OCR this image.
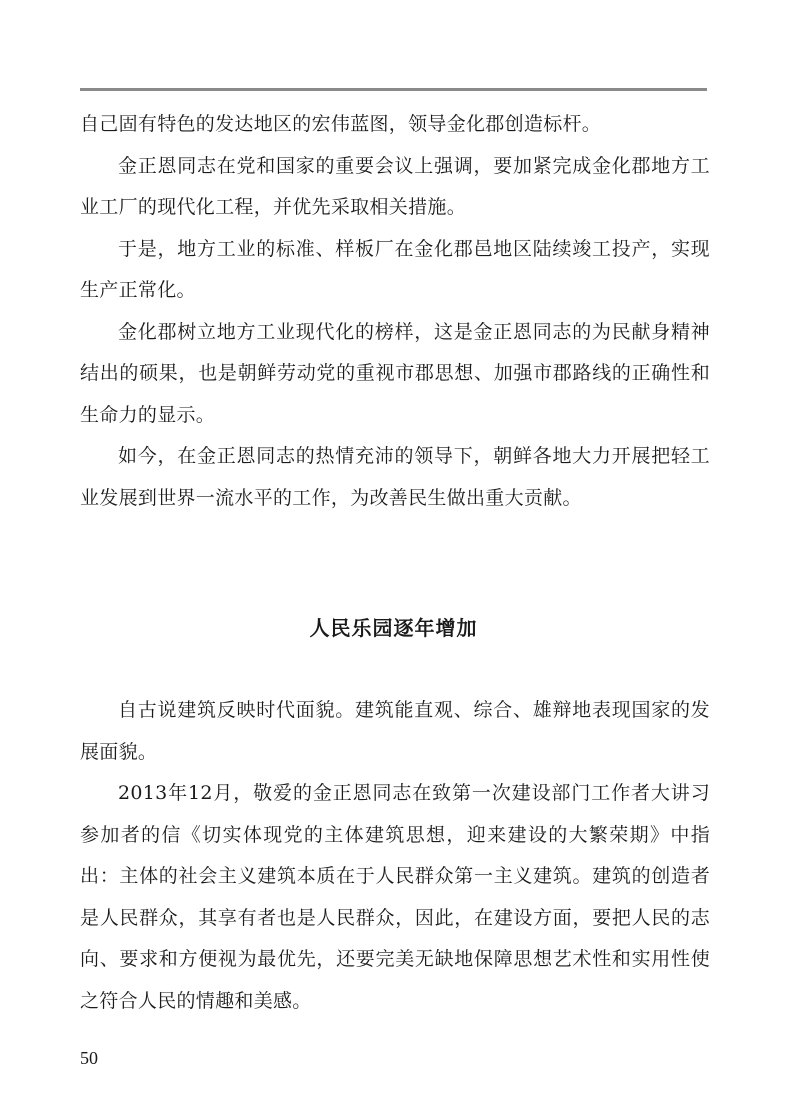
自己固有特色的发达地区的宏伟蓝图，领导金化郡创造标杆。

金正恩同志在党和国家的重要会议上强调，要加紧完成金化郡地方工业工厂的现代化工程，并优先采取相关措施。

于是，地方工业的标准、样板厂在金化郡邑地区陆续竣工投产，实现生产正常化。

金化郡树立地方工业现代化的榜样，这是金正恩同志的为民献身精神结出的硕果，也是朝鲜劳动党的重视市郡思想、加强市郡路线的正确性和生命力的显示。

如今，在金正恩同志的热情充沛的领导下，朝鲜各地大力开展把轻工业发展到世界一流水平的工作，为改善民生做出重大贡献。

人民乐园逐年增加

自古说建筑反映时代面貌。建筑能直观、综合、雄辩地表现国家的发展面貌。

2013年12月，敬爱的金正恩同志在致第一次建设部门工作者大讲习参加者的信《切实体现党的主体建筑思想，迎来建设的大繁荣期》中指出：主体的社会主义建筑本质在于人民群众第一主义建筑。建筑的创造者是人民群众，其享有者也是人民群众，因此，在建设方面，要把人民的志向、要求和方便视为最优先，还要完美无缺地保障思想艺术性和实用性使之符合人民的情趣和美感。

50
